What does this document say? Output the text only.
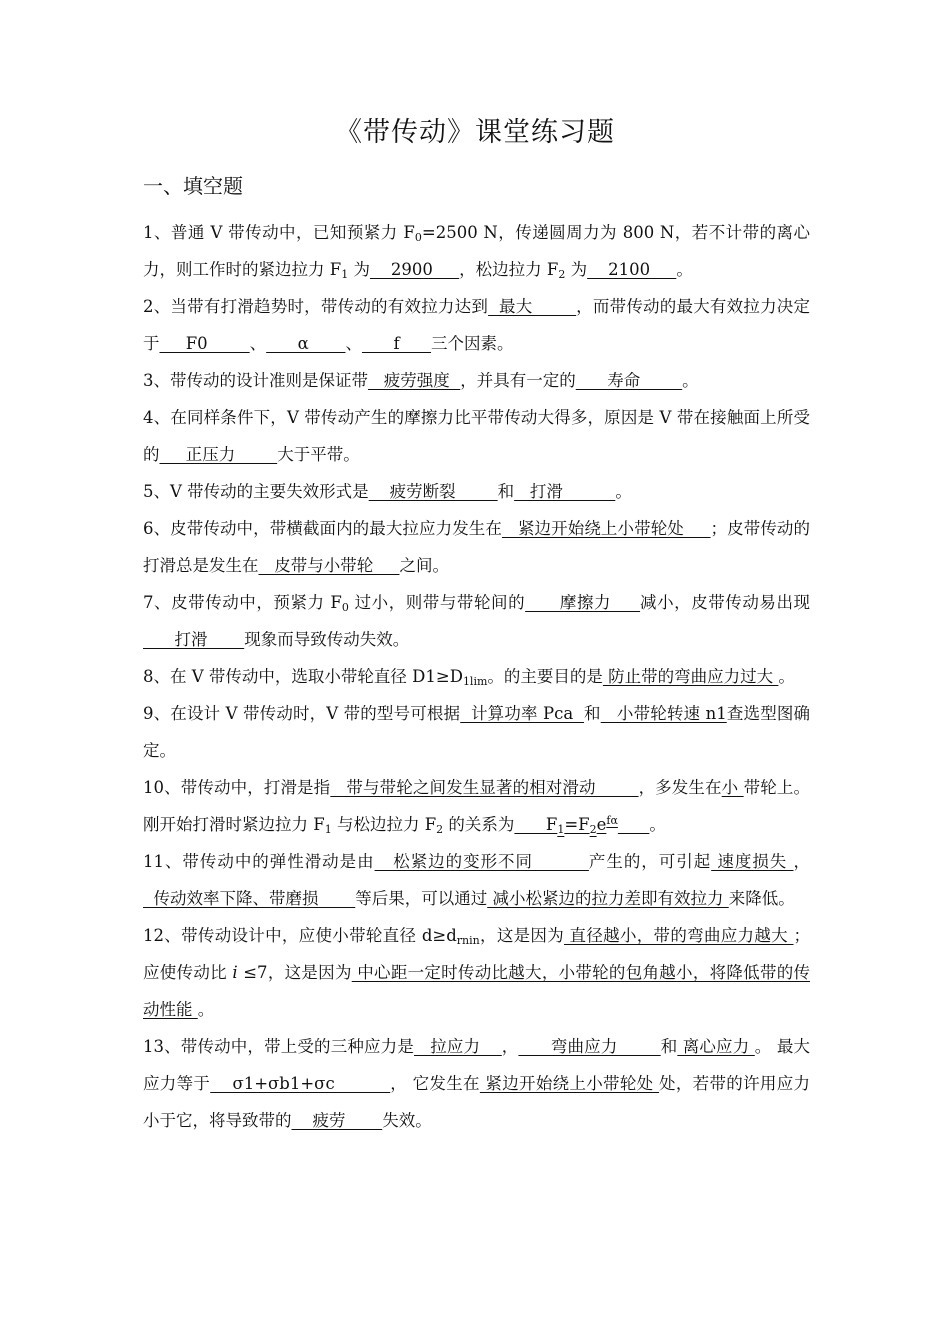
《带传动》课堂练习题
一、填空题

1、普通 V 带传动中，已知预紧力 $F_0=2500$ N，传递圆周力为 800 N，若不计带的离心力，则工作时的紧边拉力 $F_1$ 为    2900     ，松边拉力 $F_2$ 为    2100     。

2、当带有打滑趋势时，带传动的有效拉力达到  最大        ，而带传动的最大有效拉力决定于     F0        、      α       、      f      三个因素。

3、带传动的设计准则是保证带   疲劳强度  ，并具有一定的      寿命        。

4、在同样条件下，V 带传动产生的摩擦力比平带传动大得多，原因是 V 带在接触面上所受的     正压力        大于平带。

5、V 带传动的主要失效形式是    疲劳断裂        和   打滑          。

6、皮带传动中，带横截面内的最大拉应力发生在   紧边开始绕上小带轮处     ；皮带传动的打滑总是发生在   皮带与小带轮     之间。

7、皮带传动中，预紧力 $F_0$ 过小，则带与带轮间的      摩擦力     减小，皮带传动易出现      打滑       现象而导致传动失效。

8、在 V 带传动中，选取小带轮直径 $D1\ge D_{1lim}$。的主要目的是 防止带的弯曲应力过大 。

9、在设计 V 带传动时，V 带的型号可根据  计算功率 Pca  和   小带轮转速 n1查选型图确定。

10、带传动中，打滑是指   带与带轮之间发生显著的相对滑动        ，多发生在小 带轮上。刚开始打滑时紧边拉力 $F_1$ 与松边拉力 $F_2$ 的关系为      $F_1=F_2e^{f\alpha}$ 。

11、带传动中的弹性滑动是由   松紧边的变形不同         产生的，可引起 速度损失 ，  传动效率下降、带磨损       等后果，可以通过 减小松紧边的拉力差即有效拉力 来降低。

12、带传动设计中，应使小带轮直径 $d\ge d_{rnin}$，这是因为 直径越小，带的弯曲应力越大 ；应使传动比 i ≤7，这是因为 中心距一定时传动比越大，小带轮的包角越小，将降低带的传动性能 。

13、带传动中，带上受的三种应力是   拉应力    ，      弯曲应力        和 离心应力 。 最大应力等于    σ1+σb1+σc          ， 它发生在 紧边开始绕上小带轮处 处，若带的许用应力小于它，将导致带的    疲劳       失效。
